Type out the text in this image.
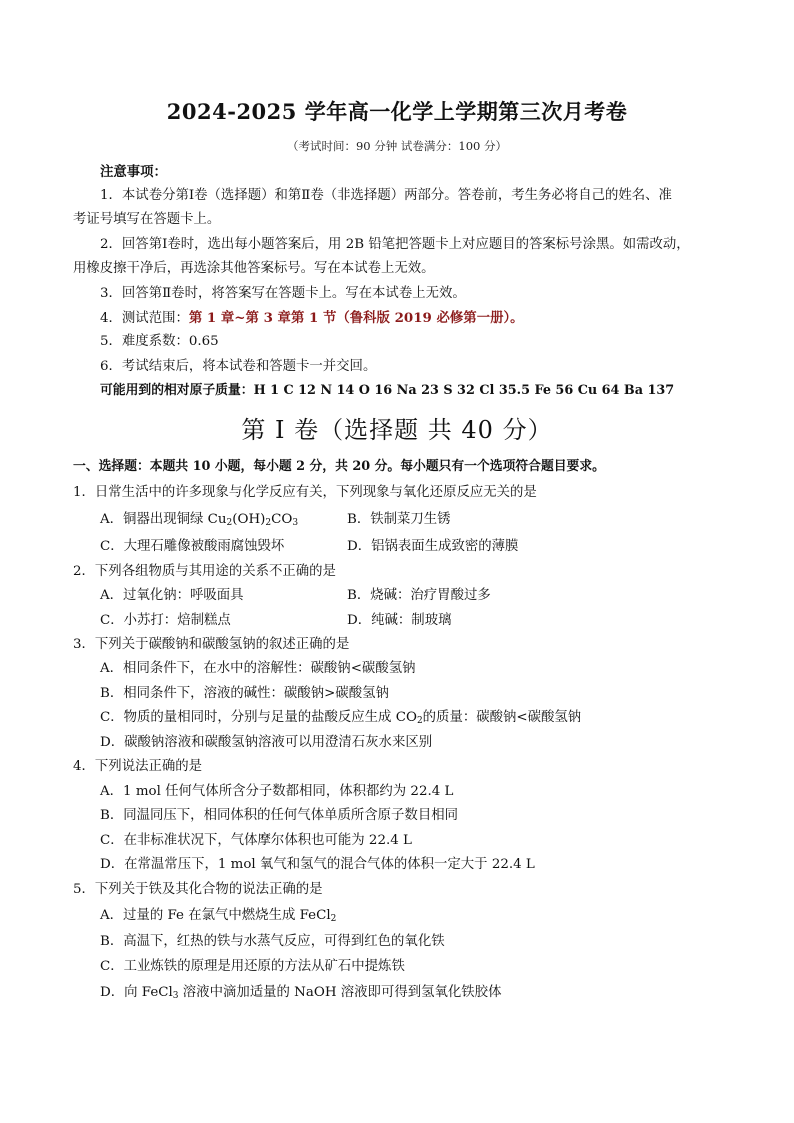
2024-2025 学年高一化学上学期第三次月考卷
（考试时间：90 分钟 试卷满分：100 分）
注意事项：
1．本试卷分第Ⅰ卷（选择题）和第Ⅱ卷（非选择题）两部分。答卷前，考生务必将自己的姓名、准
考证号填写在答题卡上。
2．回答第Ⅰ卷时，选出每小题答案后，用 2B 铅笔把答题卡上对应题目的答案标号涂黑。如需改动，
用橡皮擦干净后，再选涂其他答案标号。写在本试卷上无效。
3．回答第Ⅱ卷时，将答案写在答题卡上。写在本试卷上无效。
4．测试范围：第 1 章~第 3 章第 1 节（鲁科版 2019 必修第一册）。
5．难度系数：0.65
6．考试结束后，将本试卷和答题卡一并交回。
可能用到的相对原子质量：H 1 C 12 N 14 O 16 Na 23 S 32 Cl 35.5 Fe 56 Cu 64 Ba 137
第 I 卷（选择题 共 40 分）
一、选择题：本题共 10 小题，每小题 2 分，共 20 分。每小题只有一个选项符合题目要求。
1．日常生活中的许多现象与化学反应有关，下列现象与氧化还原反应无关的是
A．铜器出现铜绿 $Cu_2(OH)_2CO_3$	B．铁制菜刀生锈
C．大理石雕像被酸雨腐蚀毁坏	D．铝锅表面生成致密的薄膜
2．下列各组物质与其用途的关系不正确的是
A．过氧化钠：呼吸面具	B．烧碱：治疗胃酸过多
C．小苏打：焙制糕点	D．纯碱：制玻璃
3．下列关于碳酸钠和碳酸氢钠的叙述正确的是
A．相同条件下，在水中的溶解性：碳酸钠<碳酸氢钠
B．相同条件下，溶液的碱性：碳酸钠>碳酸氢钠
C．物质的量相同时，分别与足量的盐酸反应生成 $CO_2$的质量：碳酸钠<碳酸氢钠
D．碳酸钠溶液和碳酸氢钠溶液可以用澄清石灰水来区别
4．下列说法正确的是
A．1 mol 任何气体所含分子数都相同，体积都约为 22.4 L
B．同温同压下，相同体积的任何气体单质所含原子数目相同
C．在非标准状况下，气体摩尔体积也可能为 22.4 L
D．在常温常压下，1 mol 氧气和氢气的混合气体的体积一定大于 22.4 L
5．下列关于铁及其化合物的说法正确的是
A．过量的 Fe 在氯气中燃烧生成 FeCl$_2$
B．高温下，红热的铁与水蒸气反应，可得到红色的氧化铁
C．工业炼铁的原理是用还原的方法从矿石中提炼铁
D．向 FeCl$_3$ 溶液中滴加适量的 NaOH 溶液即可得到氢氧化铁胶体
